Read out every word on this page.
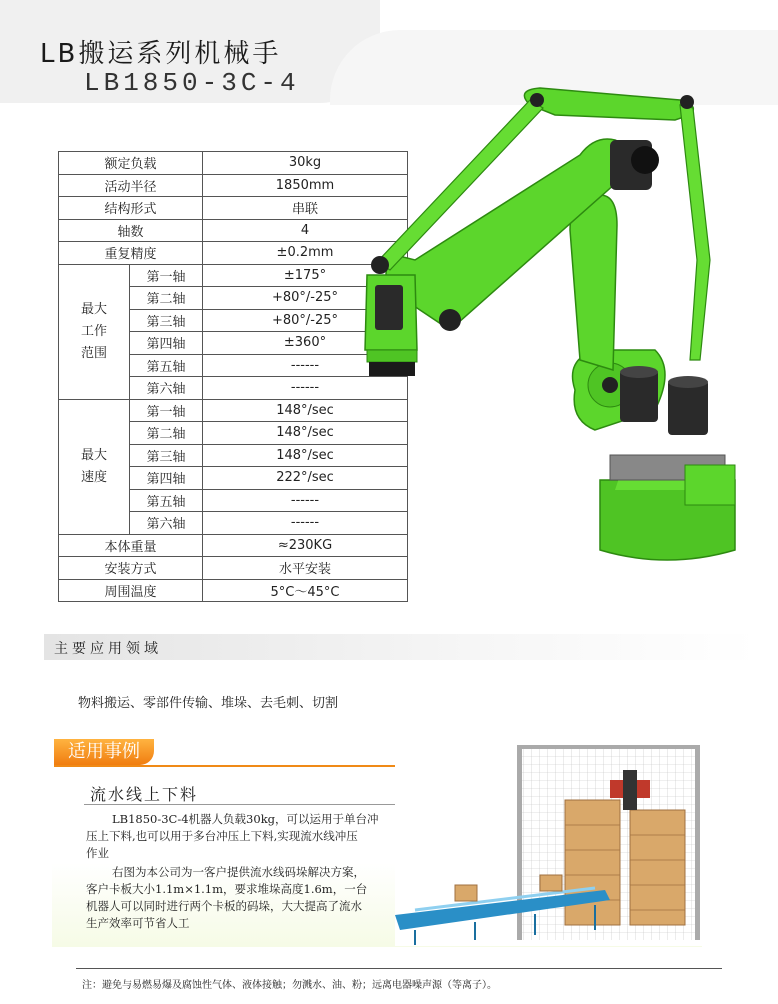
LB搬运系列机械手
LB1850-3C-4
额定负载		30kg
活动半径		1850mm
结构形式		串联
轴数		4
重复精度		±0.2mm
最大
工作
范围	第一轴	±175°
	第二轴	+80°/-25°
	第三轴	+80°/-25°
	第四轴	±360°
	第五轴	------
	第六轴	------
最大
速度	第一轴	148°/sec
	第二轴	148°/sec
	第三轴	148°/sec
	第四轴	222°/sec
	第五轴	------
	第六轴	------
本体重量		≈230KG
安装方式		水平安装
周围温度		5°C～45°C
主要应用领域
物料搬运、零部件传输、堆垛、去毛刺、切割
适用事例
流水线上下料

LB1850-3C-4机器人负载30kg，可以运用于单台冲

压上下料,也可以用于多台冲压上下料,实现流水线冲压

作业

右图为本公司为一客户提供流水线码垛解决方案，

客户卡板大小1.1m×1.1m，要求堆垛高度1.6m，一台

机器人可以同时进行两个卡板的码垛，大大提高了流水

生产效率可节省人工

注：避免与易燃易爆及腐蚀性气体、液体接触；勿溅水、油、粉；远离电器噪声源（等离子）。
